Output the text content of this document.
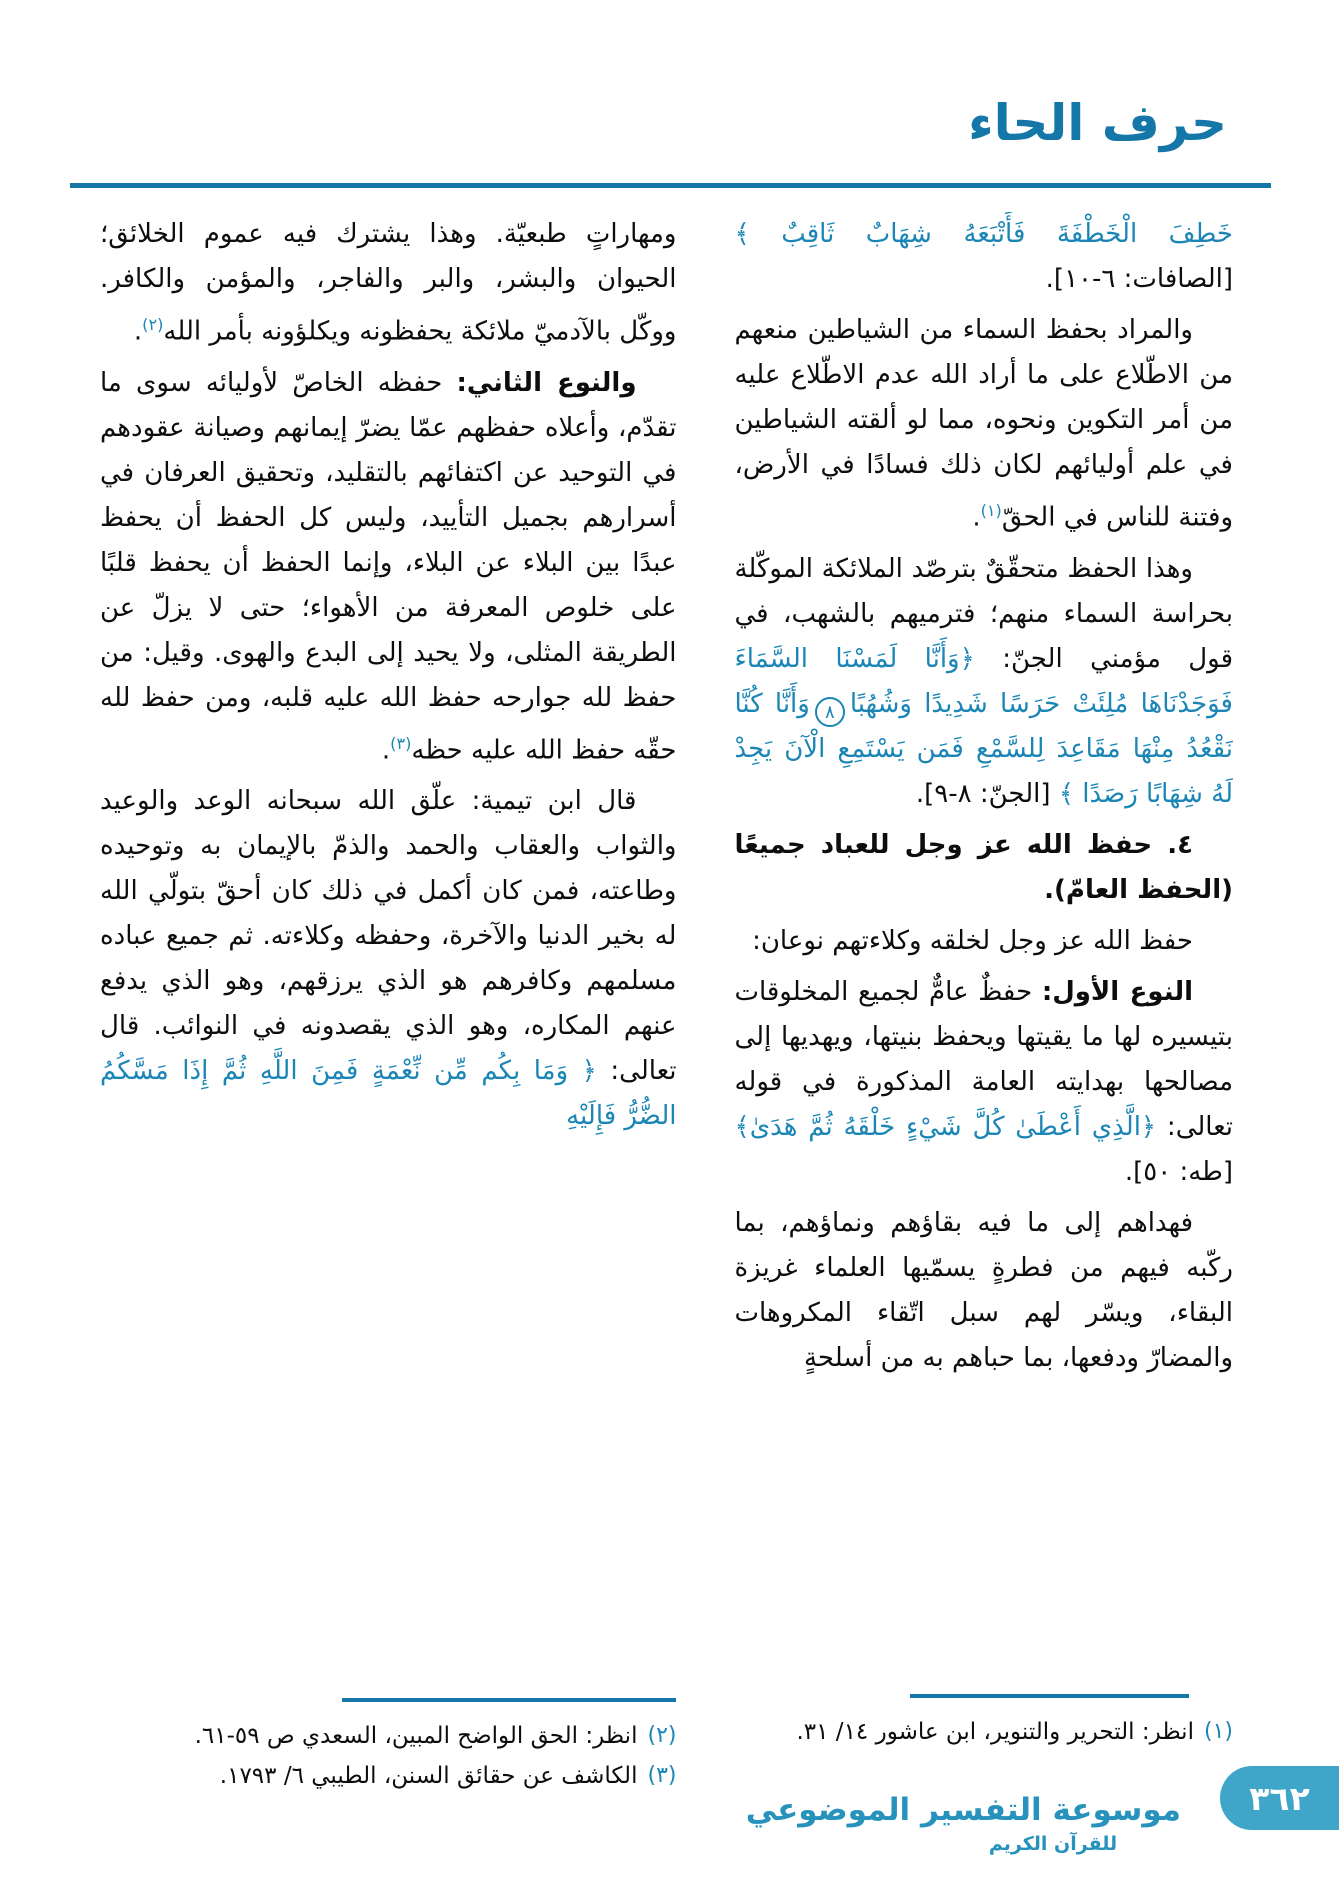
حرف الحاء

خَطِفَ الْخَطْفَةَ فَأَتْبَعَهُ شِهَابٌ ثَاقِبٌ ﴾ [الصافات: ٦-١٠].

والمراد بحفظ السماء من الشياطين منعهم من الاطّلاع على ما أراد الله عدم الاطّلاع عليه من أمر التكوين ونحوه، مما لو ألقته الشياطين في علم أوليائهم لكان ذلك فسادًا في الأرض، وفتنة للناس في الحقّ$^{(١)}$.

وهذا الحفظ متحقّقٌ بترصّد الملائكة الموكّلة بحراسة السماء منهم؛ فترميهم بالشهب، في قول مؤمني الجنّ: ﴿وَأَنَّا لَمَسْنَا السَّمَاءَ فَوَجَدْنَاهَا مُلِئَتْ حَرَسًا شَدِيدًا وَشُهُبًا٨وَأَنَّا كُنَّا نَقْعُدُ مِنْهَا مَقَاعِدَ لِلسَّمْعِ فَمَن يَسْتَمِعِ الْآنَ يَجِدْ لَهُ شِهَابًا رَصَدًا ﴾ [الجنّ: ٨-٩].

٤. حفظ الله عز وجل للعباد جميعًا (الحفظ العامّ).

حفظ الله عز وجل لخلقه وكلاءتهم نوعان:

النوع الأول: حفظٌ عامٌّ لجميع المخلوقات بتيسيره لها ما يقيتها ويحفظ بنيتها، ويهديها إلى مصالحها بهدايته العامة المذكورة في قوله تعالى: ﴿الَّذِي أَعْطَىٰ كُلَّ شَيْءٍ خَلْقَهُ ثُمَّ هَدَىٰ﴾ [طه: ٥٠].

فهداهم إلى ما فيه بقاؤهم ونماؤهم، بما ركّبه فيهم من فطرةٍ يسمّيها العلماء غريزة البقاء، ويسّر لهم سبل اتّقاء المكروهات والمضارّ ودفعها، بما حباهم به من أسلحةٍ

(١)
انظر: التحرير والتنوير، ابن عاشور ١٤/ ٣١.

ومهاراتٍ طبعيّة. وهذا يشترك فيه عموم الخلائق؛ الحيوان والبشر، والبر والفاجر، والمؤمن والكافر. ووكّل بالآدميّ ملائكة يحفظونه ويكلؤونه بأمر الله$^{(٢)}$.

والنوع الثاني: حفظه الخاصّ لأوليائه سوى ما تقدّم، وأعلاه حفظهم عمّا يضرّ إيمانهم وصيانة عقودهم في التوحيد عن اكتفائهم بالتقليد، وتحقيق العرفان في أسرارهم بجميل التأييد، وليس كل الحفظ أن يحفظ عبدًا بين البلاء عن البلاء، وإنما الحفظ أن يحفظ قلبًا على خلوص المعرفة من الأهواء؛ حتى لا يزلّ عن الطريقة المثلى، ولا يحيد إلى البدع والهوى. وقيل: من حفظ لله جوارحه حفظ الله عليه قلبه، ومن حفظ لله حقّه حفظ الله عليه حظه$^{(٣)}$.

قال ابن تيمية: علّق الله سبحانه الوعد والوعيد والثواب والعقاب والحمد والذمّ بالإيمان به وتوحيده وطاعته، فمن كان أكمل في ذلك كان أحقّ بتولّي الله له بخير الدنيا والآخرة، وحفظه وكلاءته. ثم جميع عباده مسلمهم وكافرهم هو الذي يرزقهم، وهو الذي يدفع عنهم المكاره، وهو الذي يقصدونه في النوائب. قال تعالى: ﴿ وَمَا بِكُم مِّن نِّعْمَةٍ فَمِنَ اللَّهِ ثُمَّ إِذَا مَسَّكُمُ الضُّرُّ فَإِلَيْهِ

(٢)
انظر: الحق الواضح المبين، السعدي ص ٥٩-٦١.
(٣)
الكاشف عن حقائق السنن، الطيبي ٦/ ١٧٩٣.
موسوعة التفسير الموضوعي
للقرآن الكريم
٣٦٢
